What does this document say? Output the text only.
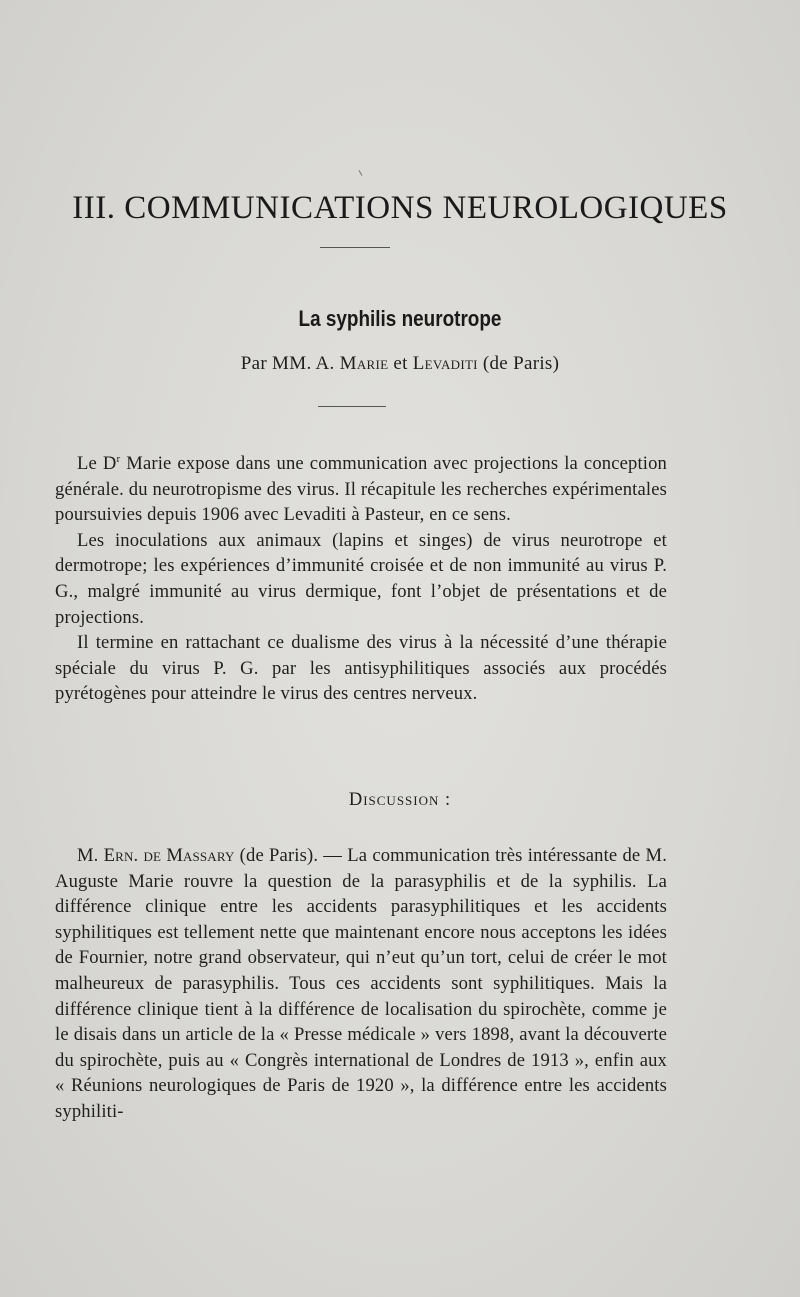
III. COMMUNICATIONS NEUROLOGIQUES
La syphilis neurotrope
Par MM. A. Marie et Levaditi (de Paris)

Le $D^r$ Marie expose dans une communication avec projections la conception générale. du neurotropisme des virus. Il récapitule les recherches expérimentales poursuivies depuis 1906 avec Levaditi à Pasteur, en ce sens.

Les inoculations aux animaux (lapins et singes) de virus neurotrope et dermotrope; les expériences d’immunité croisée et de non immunité au virus P. G., malgré immunité au virus dermique, font l’objet de présentations et de projections.

Il termine en rattachant ce dualisme des virus à la nécessité d’une thérapie spéciale du virus P. G. par les antisyphilitiques associés aux procédés pyrétogènes pour atteindre le virus des centres nerveux.

Discussion :

M. Ern. de Massary (de Paris). — La communication très intéressante de M. Auguste Marie rouvre la question de la parasyphilis et de la syphilis. La différence clinique entre les accidents parasyphilitiques et les accidents syphilitiques est tellement nette que maintenant encore nous acceptons les idées de Fournier, notre grand observateur, qui n’eut qu’un tort, celui de créer le mot malheureux de parasyphilis. Tous ces accidents sont syphilitiques. Mais la différence clinique tient à la différence de localisation du spirochète, comme je le disais dans un article de la « Presse médicale » vers 1898, avant la découverte du spirochète, puis au « Congrès international de Londres de 1913 », enfin aux « Réunions neurologiques de Paris de 1920 », la différence entre les accidents syphiliti-
